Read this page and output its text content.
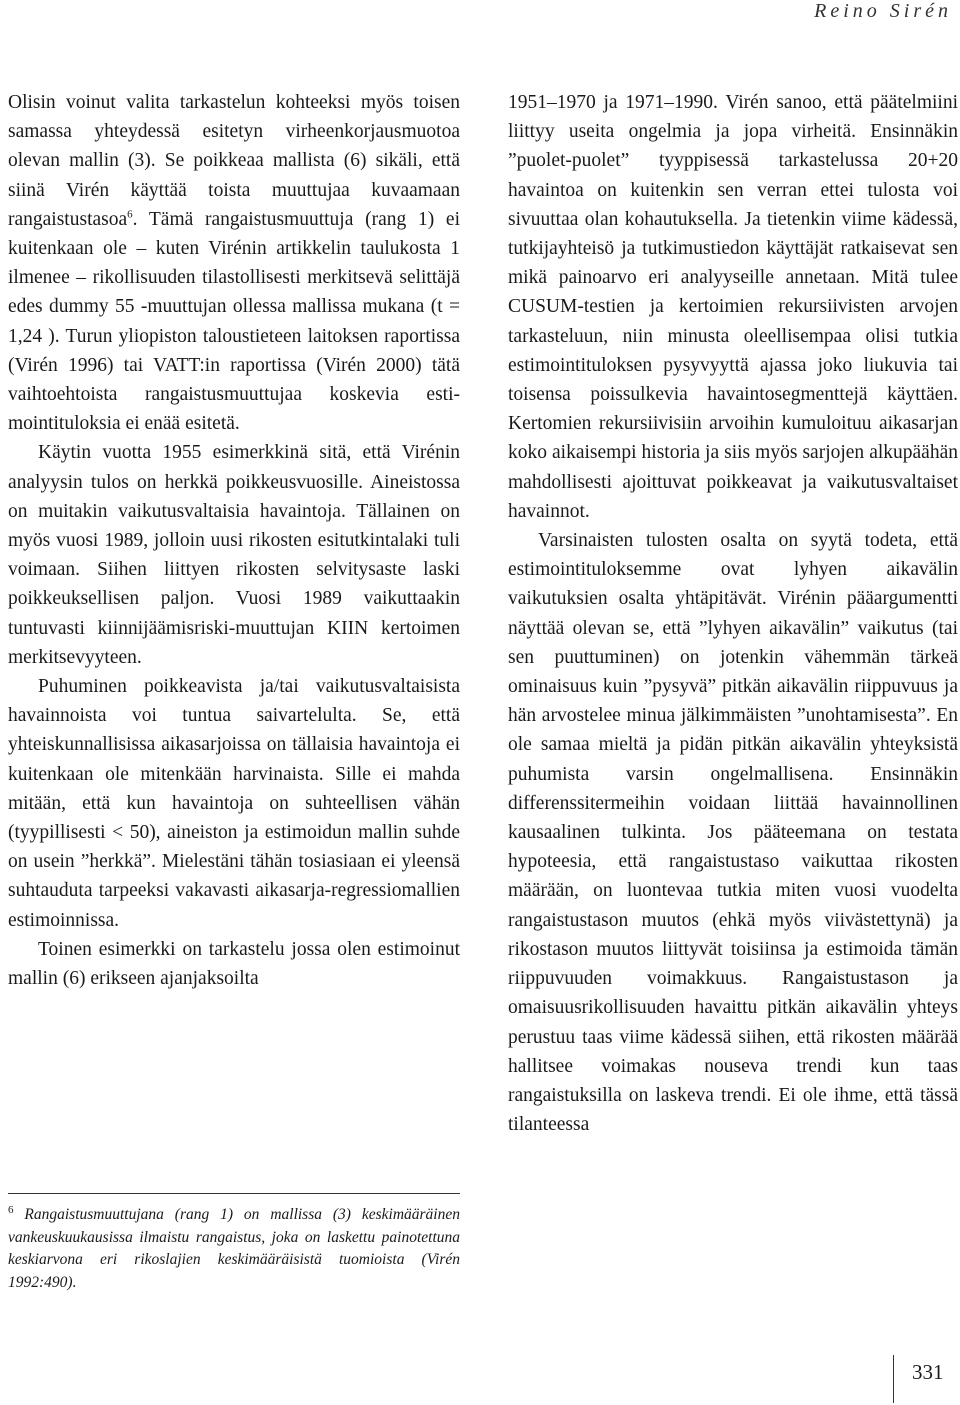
Reino Sirén

Olisin voinut valita tarkastelun kohteeksi myös toisen samassa yhteydessä esitetyn virheenkorjausmuotoa olevan mallin (3). Se poikkeaa mallista (6) sikäli, että siinä Virén käyttää toista muuttujaa kuvaamaan rangaistustasoa$^6$. Tämä rangaistusmuuttuja (rang 1) ei kuitenkaan ole – kuten Virénin artikkelin taulukosta 1 ilmenee – rikollisuuden tilastollisesti merkitsevä selittäjä edes dummy 55 -muuttujan ollessa mallissa mukana (t = 1,24 ). Turun yliopiston taloustieteen laitoksen raportissa (Virén 1996) tai VATT:in raportissa (Virén 2000) tätä vaihtoehtoista rangaistusmuuttujaa koskevia estimointituloksia ei enää esitetä.

Käytin vuotta 1955 esimerkkinä sitä, että Virénin analyysin tulos on herkkä poikkeusvuosille. Aineistossa on muitakin vaikutusvaltaisia havaintoja. Tällainen on myös vuosi 1989, jolloin uusi rikosten esitutkintalaki tuli voimaan. Siihen liittyen rikosten selvitysaste laski poikkeuksellisen paljon. Vuosi 1989 vaikuttaakin tuntuvasti kiinnijäämisriski-muuttujan KIIN kertoimen merkitsevyyteen.

Puhuminen poikkeavista ja/tai vaikutusvaltaisista havainnoista voi tuntua saivartelulta. Se, että yhteiskunnallisissa aikasarjoissa on tällaisia havaintoja ei kuitenkaan ole mitenkään harvinaista. Sille ei mahda mitään, että kun havaintoja on suhteellisen vähän (tyypillisesti < 50), aineiston ja estimoidun mallin suhde on usein ”herkkä”. Mielestäni tähän tosiasiaan ei yleensä suhtauduta tarpeeksi vakavasti aikasarja-regressiomallien estimoinnissa.

Toinen esimerkki on tarkastelu jossa olen estimoinut mallin (6) erikseen ajanjaksoilta

$^6$ Rangaistusmuuttujana (rang 1) on mallissa (3) keskimääräinen vankeuskuukausissa ilmaistu rangaistus, joka on laskettu painotettuna keskiarvona eri rikoslajien keskimääräisistä tuomioista (Virén 1992:490).

1951–1970 ja 1971–1990. Virén sanoo, että päätelmiini liittyy useita ongelmia ja jopa virheitä. Ensinnäkin ”puolet-puolet” tyyppisessä tarkastelussa 20+20 havaintoa on kuitenkin sen verran ettei tulosta voi sivuuttaa olan kohautuksella. Ja tietenkin viime kädessä, tutkijayhteisö ja tutkimustiedon käyttäjät ratkaisevat sen mikä painoarvo eri analyyseille annetaan. Mitä tulee CUSUM-testien ja kertoimien rekursiivisten arvojen tarkasteluun, niin minusta oleellisempaa olisi tutkia estimointituloksen pysyvyyttä ajassa joko liukuvia tai toisensa poissulkevia havaintosegmenttejä käyttäen. Kertomien rekursiivisiin arvoihin kumuloituu aikasarjan koko aikaisempi historia ja siis myös sarjojen alkupäähän mahdollisesti ajoittuvat poikkeavat ja vaikutusvaltaiset havainnot.

Varsinaisten tulosten osalta on syytä todeta, että estimointituloksemme ovat lyhyen aikavälin vaikutuksien osalta yhtäpitävät. Virénin pääargumentti näyttää olevan se, että ”lyhyen aikavälin” vaikutus (tai sen puuttuminen) on jotenkin vähemmän tärkeä ominaisuus kuin ”pysyvä” pitkän aikavälin riippuvuus ja hän arvostelee minua jälkimmäisten ”unohtamisesta”. En ole samaa mieltä ja pidän pitkän aikavälin yhteyksistä puhumista varsin ongelmallisena. Ensinnäkin differenssitermeihin voidaan liittää havainnollinen kausaalinen tulkinta. Jos pääteemana on testata hypoteesia, että rangaistustaso vaikuttaa rikosten määrään, on luontevaa tutkia miten vuosi vuodelta rangaistustason muutos (ehkä myös viivästettynä) ja rikostason muutos liittyvät toisiinsa ja estimoida tämän riippuvuuden voimakkuus. Rangaistustason ja omaisuusrikollisuuden havaittu pitkän aikavälin yhteys perustuu taas viime kädessä siihen, että rikosten määrää hallitsee voimakas nouseva trendi kun taas rangaistuksilla on laskeva trendi. Ei ole ihme, että tässä tilanteessa

331
